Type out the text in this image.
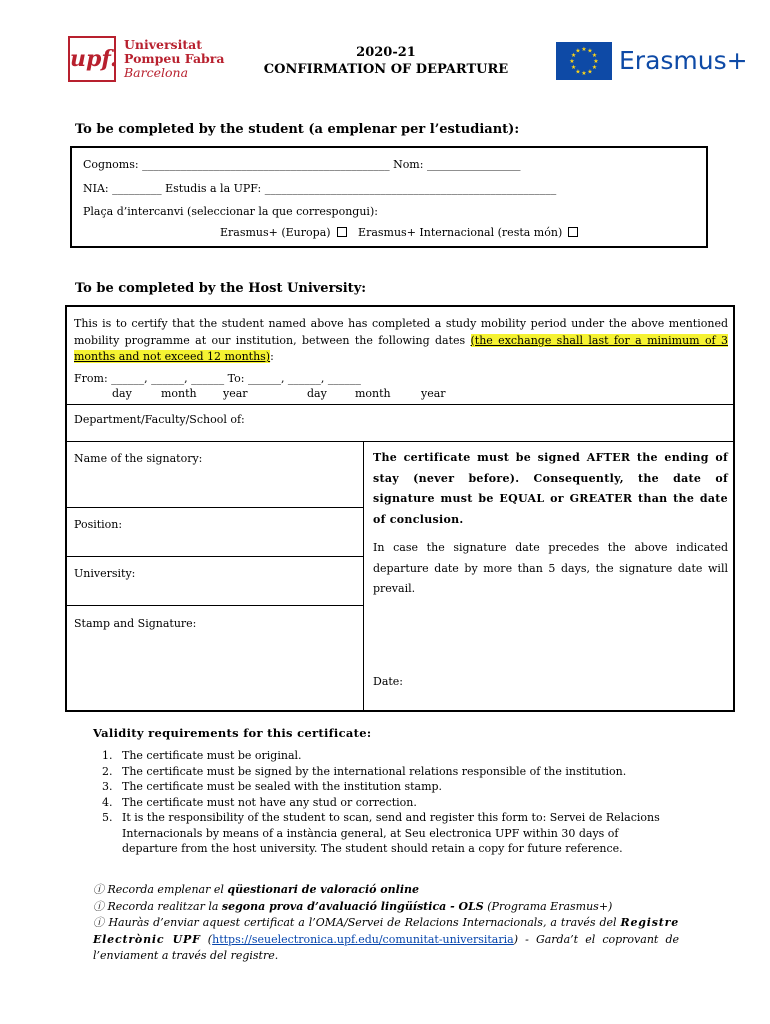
upf.
Universitat
Pompeu Fabra
Barcelona
2020-21
CONFIRMATION OF DEPARTURE
★
★
★
★
★
★
★
★
★ ★ ★
★ Erasmus+
To be completed by the student (a emplenar per l’estudiant):
Cognoms: _____________________________________________ Nom: _________________
NIA: _________ Estudis a la UPF: _____________________________________________________
Plaça d’intercanvi (seleccionar la que correspongui):
Erasmus+ (Europa)	Erasmus+ Internacional (resta món)
To be completed by the Host University:
This is to certify that the student named above has completed a study mobility period under the above mentioned mobility programme at our institution, between the following dates (the exchange shall last for a minimum of 3 months and not exceed 12 months):
From: ______, ______, ______ To: ______, ______, ______
day	month year	day	month	year
Department/Faculty/School of:
Name of the signatory:
Position:
University:
Stamp and Signature:
The certificate must be signed AFTER the ending of stay (never before). Consequently, the date of signature must be EQUAL or GREATER than the date of conclusion.
In case the signature date precedes the above indicated departure date by more than 5 days, the signature date will prevail.
Date:
Validity requirements for this certificate:
1. The certificate must be original.
2. The certificate must be signed by the international relations responsible of the institution.
3. The certificate must be sealed with the institution stamp.
4. The certificate must not have any stud or correction.
5. It is the responsibility of the student to scan, send and register this form to: Servei de Relacions Internacionals by means of a instància general, at Seu electronica UPF within 30 days of departure from the host university. The student should retain a copy for future reference.
ⓘ Recorda emplenar el qüestionari de valoració online
ⓘ Recorda realitzar la segona prova d’avaluació lingüística - OLS (Programa Erasmus+)
ⓘ Hauràs d’enviar aquest certificat a l’OMA/Servei de Relacions Internacionals, a través del Registre Electrònic UPF (https://seuelectronica.upf.edu/comunitat-universitaria) - Garda’t el coprovant de l’enviament a través del registre.
